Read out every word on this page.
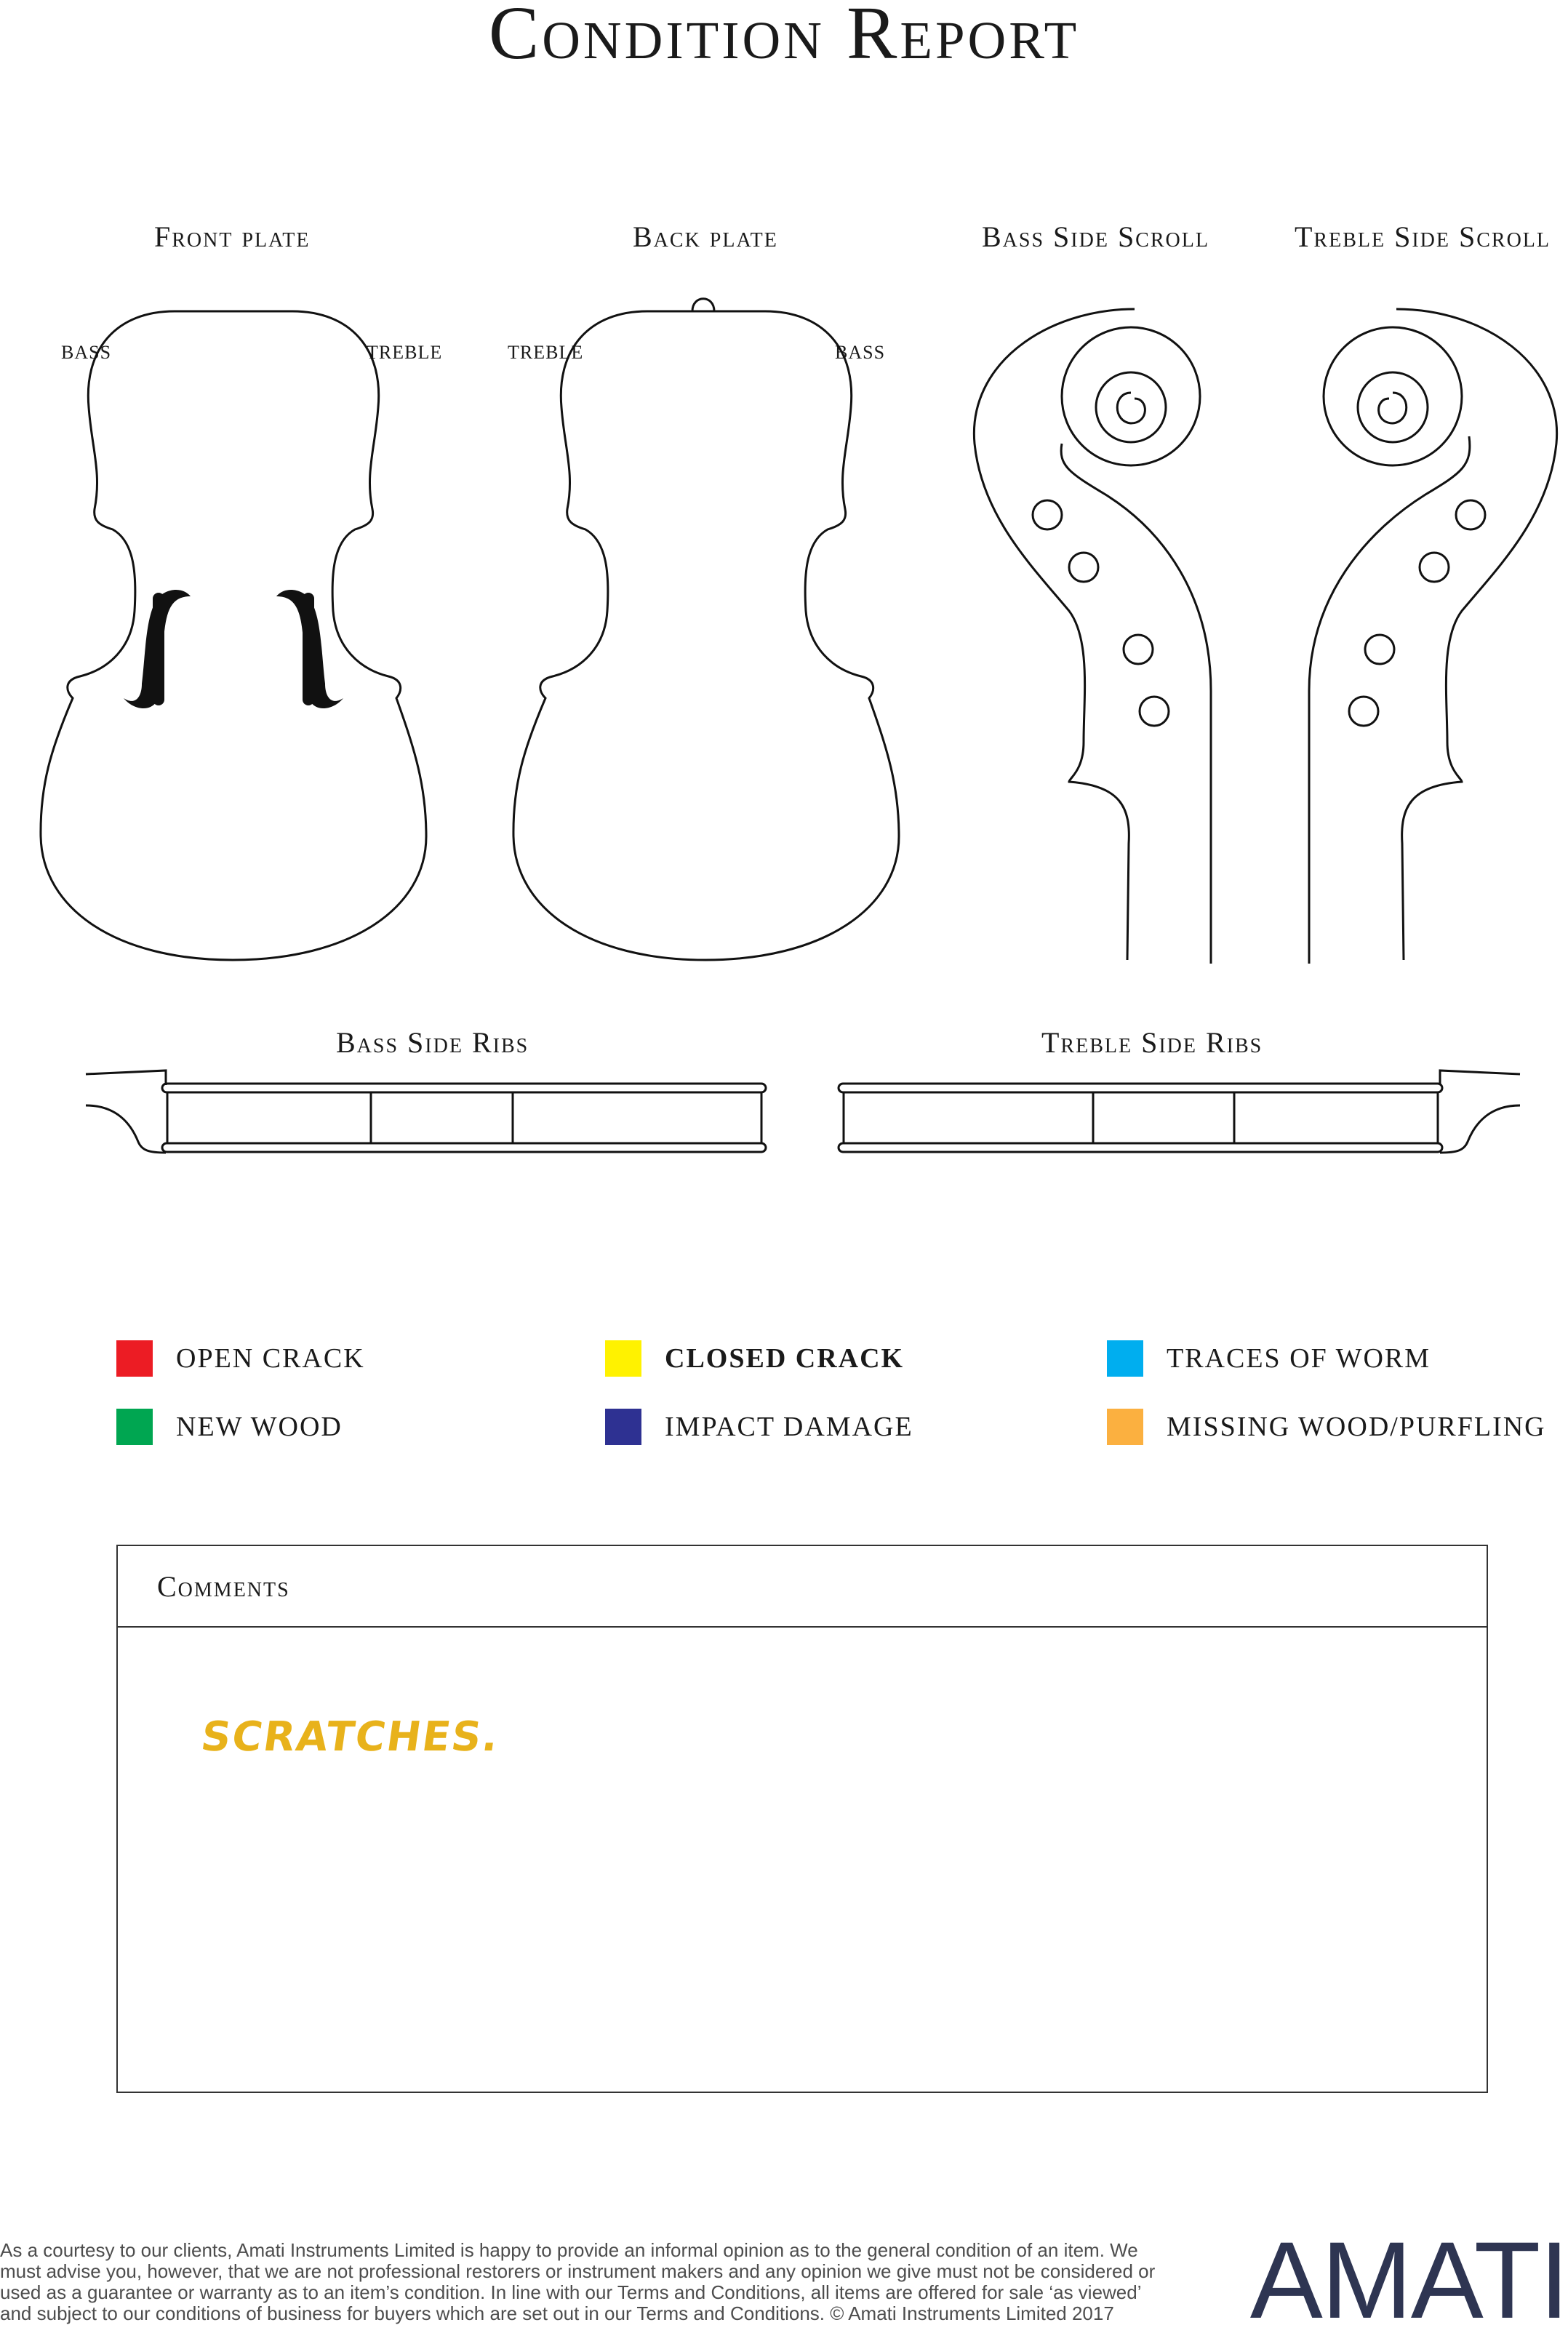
Condition Report
Front plate	Back plate	Bass Side Scroll	Treble Side Scroll
Bass Side Ribs	Treble Side Ribs
BASS	TREBLE	TREBLE	BASS
OPEN CRACK	CLOSED CRACK	TRACES OF WORM
NEW WOOD	IMPACT DAMAGE	MISSING WOOD/PURFLING
Comments
SCRATCHES.
As a courtesy to our clients, Amati Instruments Limited is happy to provide an informal opinion as to the general condition of an item. We must advise you, however, that we are not professional restorers or instrument makers and any opinion we give must not be considered or used as a guarantee or warranty as to an item’s condition. In line with our Terms and Conditions, all items are offered for sale ‘as viewed’ and subject to our conditions of business for buyers which are set out in our Terms and Conditions. © Amati Instruments Limited 2017	AMATI
